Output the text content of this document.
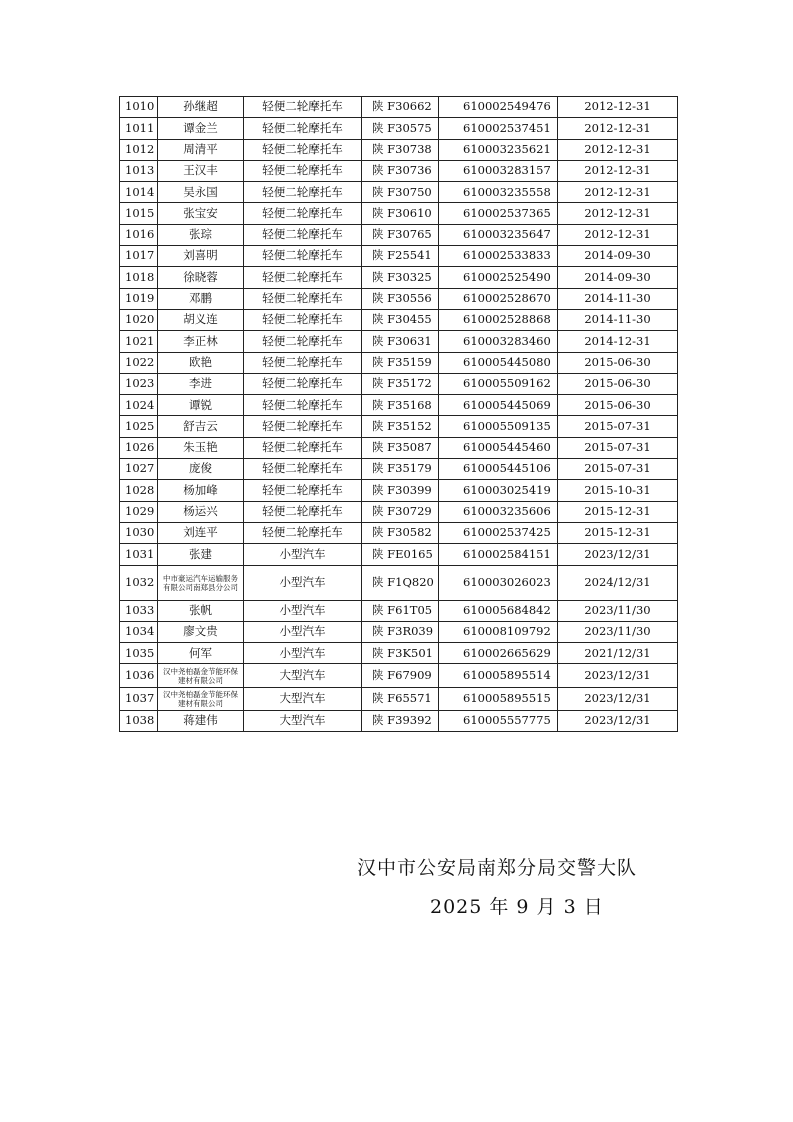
1010	孙继超	轻便二轮摩托车	陕 F30662	610002549476	2012-12-31
1011	谭金兰	轻便二轮摩托车	陕 F30575	610002537451	2012-12-31
1012	周清平	轻便二轮摩托车	陕 F30738	610003235621	2012-12-31
1013	王汉丰	轻便二轮摩托车	陕 F30736	610003283157	2012-12-31
1014	吴永国	轻便二轮摩托车	陕 F30750	610003235558	2012-12-31
1015	张宝安	轻便二轮摩托车	陕 F30610	610002537365	2012-12-31
1016	张琮	轻便二轮摩托车	陕 F30765	610003235647	2012-12-31
1017	刘喜明	轻便二轮摩托车	陕 F25541	610002533833	2014-09-30
1018	徐晓蓉	轻便二轮摩托车	陕 F30325	610002525490	2014-09-30
1019	邓鹏	轻便二轮摩托车	陕 F30556	610002528670	2014-11-30
1020	胡义连	轻便二轮摩托车	陕 F30455	610002528868	2014-11-30
1021	李正林	轻便二轮摩托车	陕 F30631	610003283460	2014-12-31
1022	欧艳	轻便二轮摩托车	陕 F35159	610005445080	2015-06-30
1023	李进	轻便二轮摩托车	陕 F35172	610005509162	2015-06-30
1024	谭锐	轻便二轮摩托车	陕 F35168	610005445069	2015-06-30
1025	舒吉云	轻便二轮摩托车	陕 F35152	610005509135	2015-07-31
1026	朱玉艳	轻便二轮摩托车	陕 F35087	610005445460	2015-07-31
1027	庞俊	轻便二轮摩托车	陕 F35179	610005445106	2015-07-31
1028	杨加峰	轻便二轮摩托车	陕 F30399	610003025419	2015-10-31
1029	杨运兴	轻便二轮摩托车	陕 F30729	610003235606	2015-12-31
1030	刘连平	轻便二轮摩托车	陕 F30582	610002537425	2015-12-31
1031	张建	小型汽车	陕 FE0165	610002584151	2023/12/31
1032	中市豪运汽车运输服务有限公司南郑县分公司	小型汽车	陕 F1Q820	610003026023	2024/12/31
1033	张帆	小型汽车	陕 F61T05	610005684842	2023/11/30
1034	廖文贵	小型汽车	陕 F3R039	610008109792	2023/11/30
1035	何军	小型汽车	陕 F3K501	610002665629	2021/12/31
1036	汉中尧柏磊金节能环保建材有限公司	大型汽车	陕 F67909	610005895514	2023/12/31
1037	汉中尧柏磊金节能环保建材有限公司	大型汽车	陕 F65571	610005895515	2023/12/31
1038	蒋建伟	大型汽车	陕 F39392	610005557775	2023/12/31
汉中市公安局南郑分局交警大队
2025 年 9 月 3 日
